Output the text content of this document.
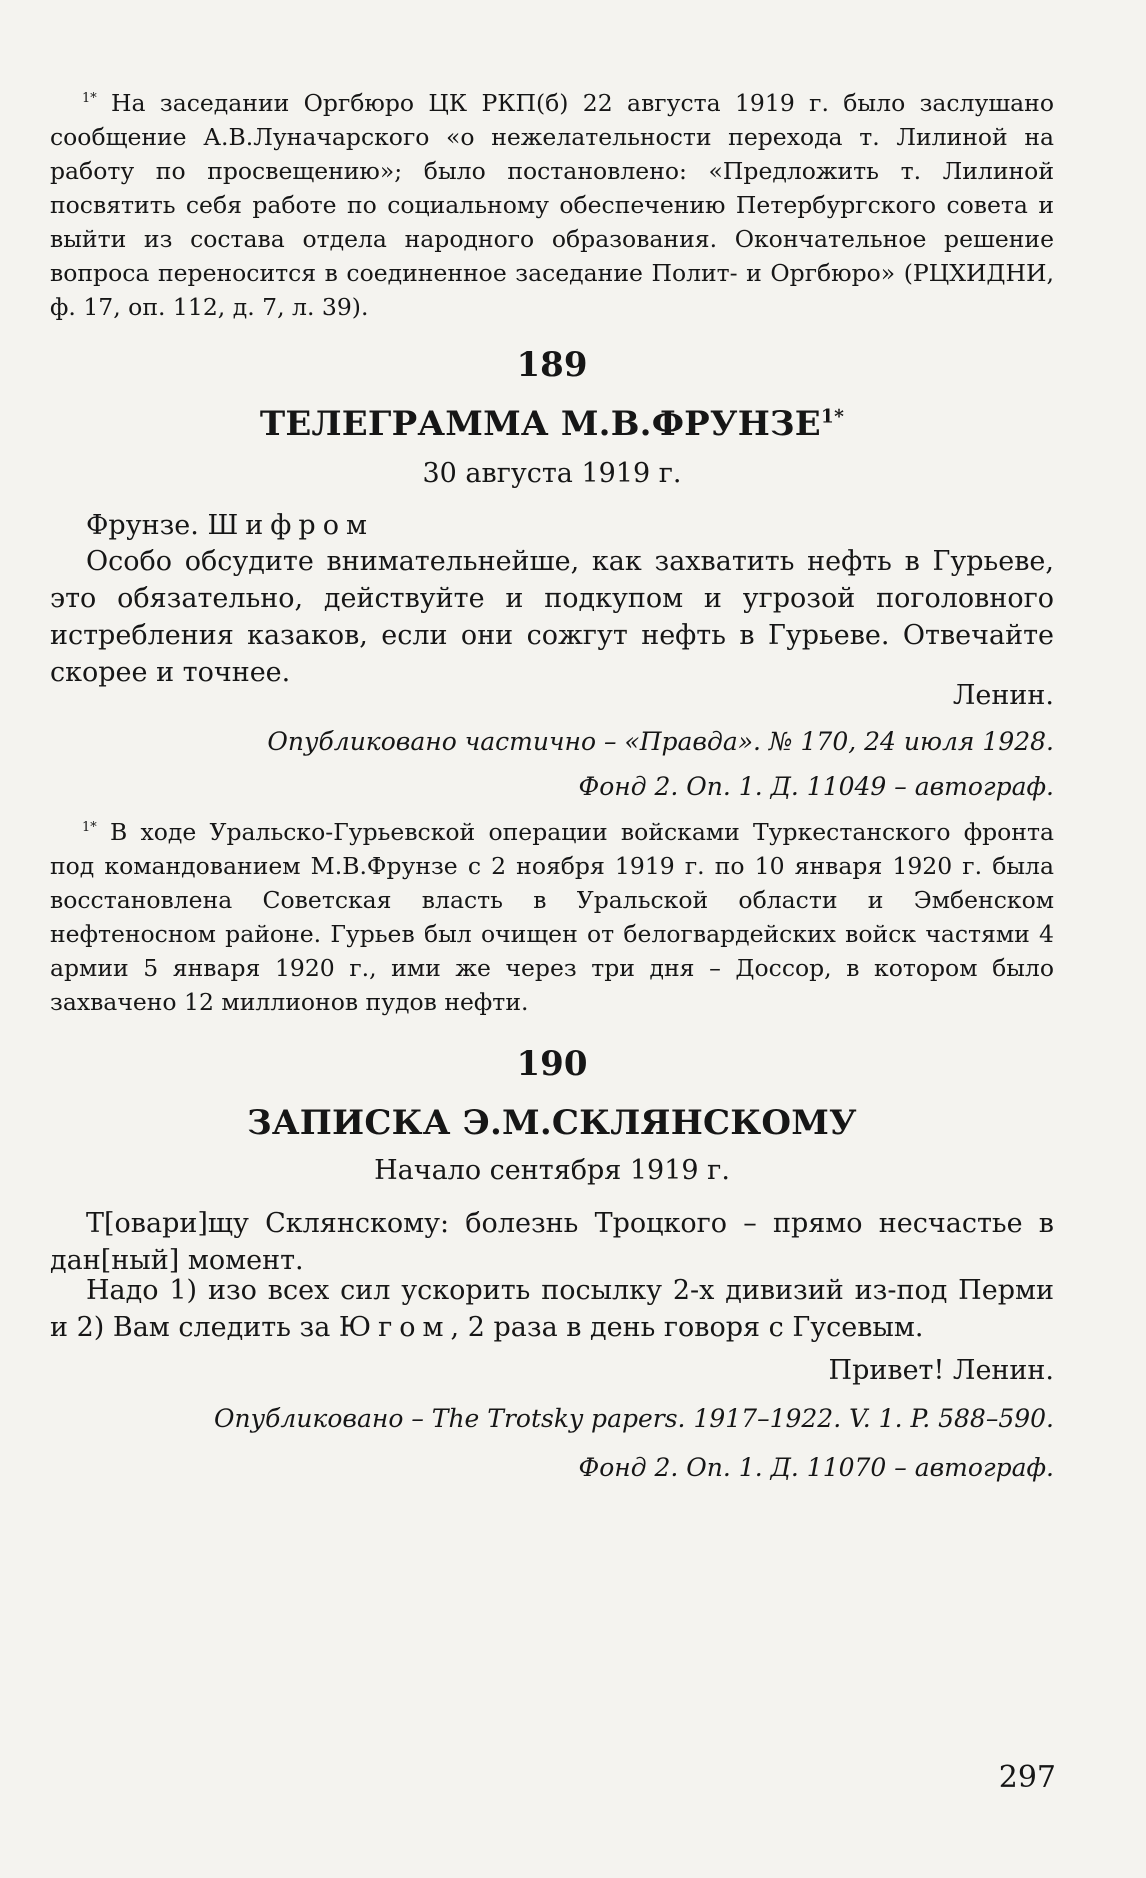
$^{1*}$ На заседании Оргбюро ЦК РКП(б) 22 августа 1919 г. было заслушано сообщение А.В.Луначарского «о нежелательности перехода т. Лилиной на работу по просвещению»; было постановлено: «Предложить т. Лилиной посвятить себя работе по социальному обеспечению Петербургского совета и выйти из состава отдела народного образования. Окончательное решение вопроса переносится в соединенное заседание Полит- и Оргбюро» (РЦХИДНИ, ф. 17, оп. 112, д. 7, л. 39).

189
ТЕЛЕГРАММА $М.В.ФРУНЗЕ^{1*}$
30 августа 1919 г.

Фрунзе. Шифром

Особо обсудите внимательнейше, как захватить нефть в Гурьеве, это обязательно, действуйте и подкупом и угрозой поголовного истребления казаков, если они сожгут нефть в Гурьеве. Отвечайте скорее и точнее.

Ленин.
Опубликовано частично – «Правда». № 170, 24 июля 1928.
Фонд 2. Оп. 1. Д. 11049 – автограф.

$^{1*}$ В ходе Уральско-Гурьевской операции войсками Туркестанского фронта под командованием М.В.Фрунзе с 2 ноября 1919 г. по 10 января 1920 г. была восстановлена Советская власть в Уральской области и Эмбенском нефтеносном районе. Гурьев был очищен от белогвардейских войск частями 4 армии 5 января 1920 г., ими же через три дня – Доссор, в котором было захвачено 12 миллионов пудов нефти.

190
ЗАПИСКА Э.М.СКЛЯНСКОМУ
Начало сентября 1919 г.

Т[овари]щу Склянскому: болезнь Троцкого – прямо несчастье в дан[ный] момент.

Надо 1) изо всех сил ускорить посылку 2-х дивизий из-под Перми и 2) Вам следить за Югом, 2 раза в день говоря с Гусевым.

Привет! Ленин.
Опубликовано – The Trotsky papers. 1917–1922. V. 1. P. 588–590.
Фонд 2. Оп. 1. Д. 11070 – автограф.
297
